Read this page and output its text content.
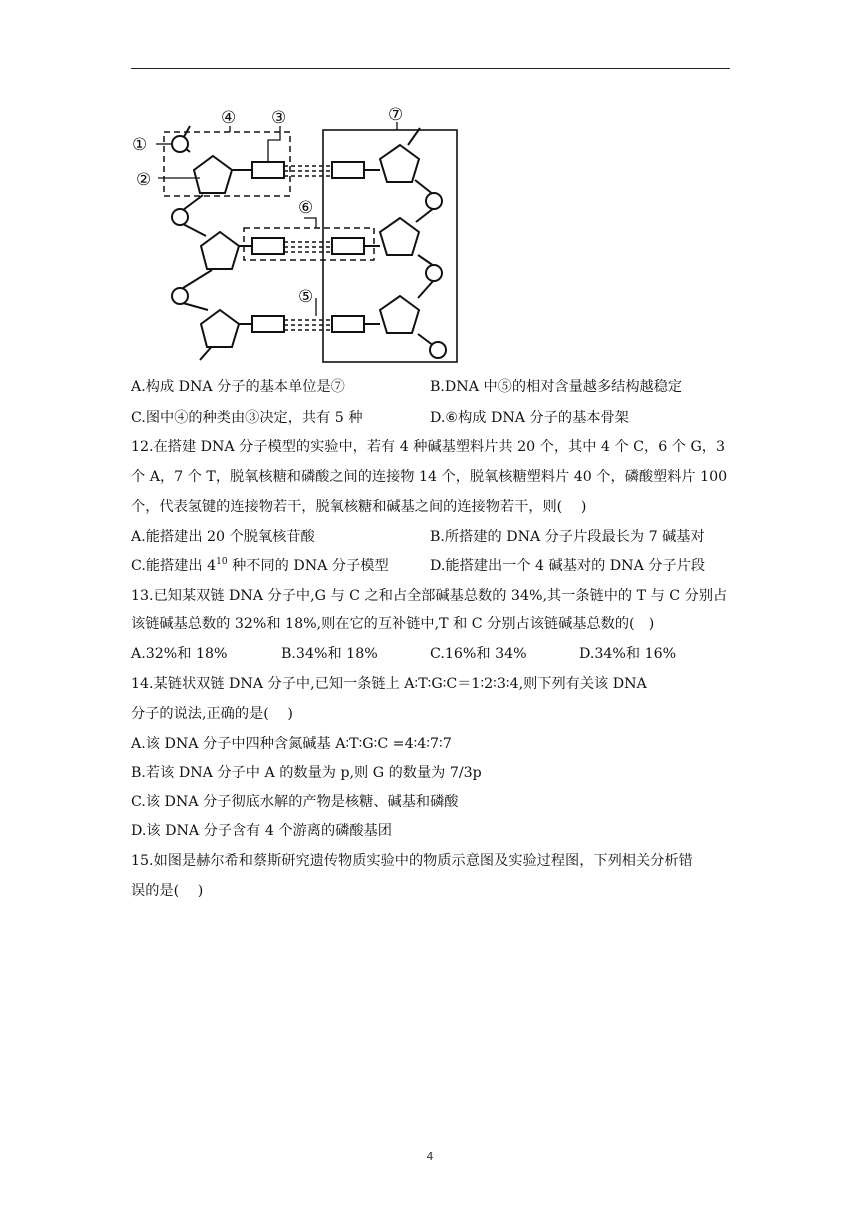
①
②
③
④
⑤
⑥
⑦
A.构成 DNA 分子的基本单位是⑦	B.DNA 中⑤的相对含量越多结构越稳定
C.图中④的种类由③决定，共有 5 种	D.⑥构成 DNA 分子的基本骨架
12.在搭建 DNA 分子模型的实验中，若有 4 种碱基塑料片共 20 个，其中 4 个 C，6 个 G，3
个 A，7 个 T，脱氧核糖和磷酸之间的连接物 14 个，脱氧核糖塑料片 40 个，磷酸塑料片 100
个，代表氢键的连接物若干，脱氧核糖和碱基之间的连接物若干，则(　 )
A.能搭建出 20 个脱氧核苷酸	B.所搭建的 DNA 分子片段最长为 7 碱基对
C.能搭建出 $4^{10}$ 种不同的 DNA 分子模型	D.能搭建出一个 4 碱基对的 DNA 分子片段
13.已知某双链 DNA 分子中,G 与 C 之和占全部碱基总数的 34%,其一条链中的 T 与 C 分别占
该链碱基总数的 32%和 18%,则在它的互补链中,T 和 C 分别占该链碱基总数的(　)
A.32%和 18%	B.34%和 18%	C.16%和 34%	D.34%和 16%
14.某链状双链 DNA 分子中,已知一条链上 A∶T∶G∶C＝1∶2∶3∶4,则下列有关该 DNA
分子的说法,正确的是(　 )
A.该 DNA 分子中四种含氮碱基 A∶T∶G∶C =4∶4∶7∶7
B.若该 DNA 分子中 A 的数量为 p,则 G 的数量为 7/3p
C.该 DNA 分子彻底水解的产物是核糖、碱基和磷酸
D.该 DNA 分子含有 4 个游离的磷酸基团
15.如图是赫尔希和蔡斯研究遗传物质实验中的物质示意图及实验过程图，下列相关分析错
误的是(　 )
4
